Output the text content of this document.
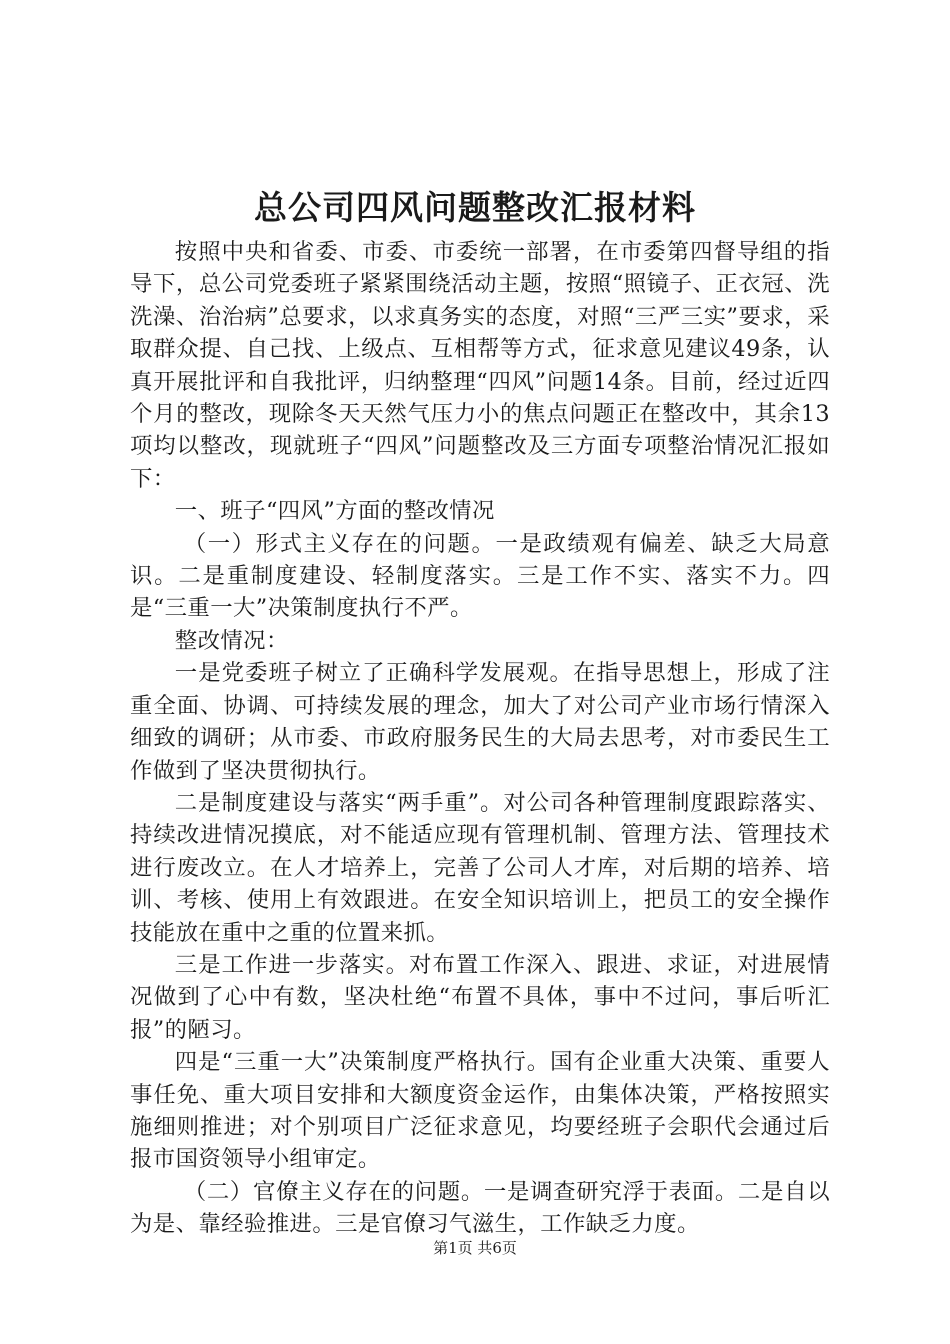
总公司四风问题整改汇报材料

按照中央和省委、市委、市委统一部署，在市委第四督导组的指导下，总公司党委班子紧紧围绕活动主题，按照“照镜子、正衣冠、洗洗澡、治治病”总要求，以求真务实的态度，对照“三严三实”要求，采取群众提、自己找、上级点、互相帮等方式，征求意见建议49条，认真开展批评和自我批评，归纳整理“四风”问题14条。目前，经过近四个月的整改，现除冬天天然气压力小的焦点问题正在整改中，其余13项均以整改，现就班子“四风”问题整改及三方面专项整治情况汇报如下：

一、班子“四风”方面的整改情况

（一）形式主义存在的问题。一是政绩观有偏差、缺乏大局意识。二是重制度建设、轻制度落实。三是工作不实、落实不力。四是“三重一大”决策制度执行不严。

整改情况：

一是党委班子树立了正确科学发展观。在指导思想上，形成了注重全面、协调、可持续发展的理念，加大了对公司产业市场行情深入细致的调研；从市委、市政府服务民生的大局去思考，对市委民生工作做到了坚决贯彻执行。

二是制度建设与落实“两手重”。对公司各种管理制度跟踪落实、持续改进情况摸底，对不能适应现有管理机制、管理方法、管理技术进行废改立。在人才培养上，完善了公司人才库，对后期的培养、培训、考核、使用上有效跟进。在安全知识培训上，把员工的安全操作技能放在重中之重的位置来抓。

三是工作进一步落实。对布置工作深入、跟进、求证，对进展情况做到了心中有数，坚决杜绝“布置不具体，事中不过问，事后听汇报”的陋习。

四是“三重一大”决策制度严格执行。国有企业重大决策、重要人事任免、重大项目安排和大额度资金运作，由集体决策，严格按照实施细则推进；对个别项目广泛征求意见，均要经班子会职代会通过后报市国资领导小组审定。

（二）官僚主义存在的问题。一是调查研究浮于表面。二是自以为是、靠经验推进。三是官僚习气滋生，工作缺乏力度。

第1页 共6页
